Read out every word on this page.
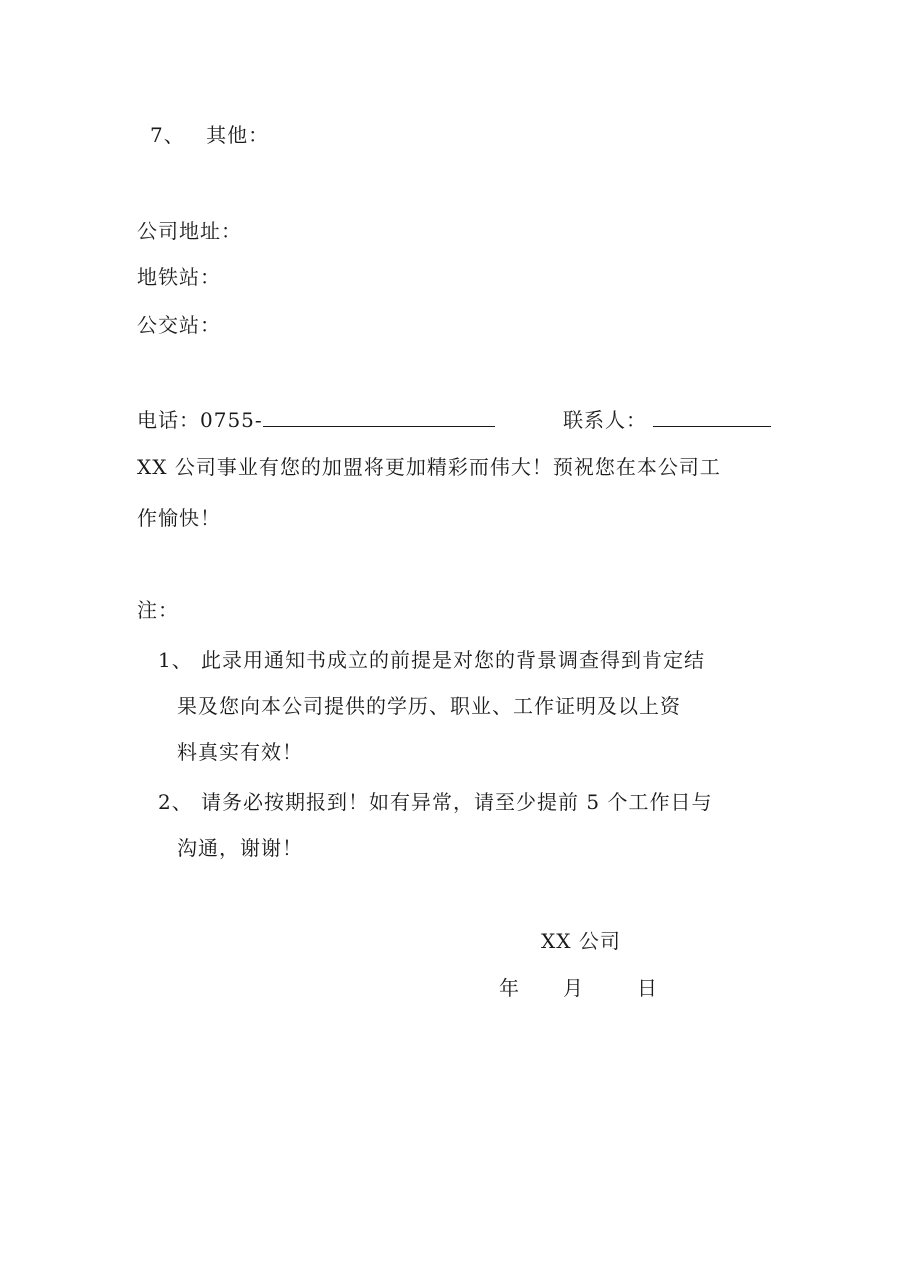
7、 其他：
公司地址：
地铁站：
公交站：
电话：0755-	联系人：
XX 公司事业有您的加盟将更加精彩而伟大！预祝您在本公司工
作愉快！
注：
1、 此录用通知书成立的前提是对您的背景调查得到肯定结
果及您向本公司提供的学历、职业、工作证明及以上资
料真实有效！
2、 请务必按期报到！如有异常，请至少提前 5 个工作日与
沟通，谢谢！
XX 公司
年 月	日
